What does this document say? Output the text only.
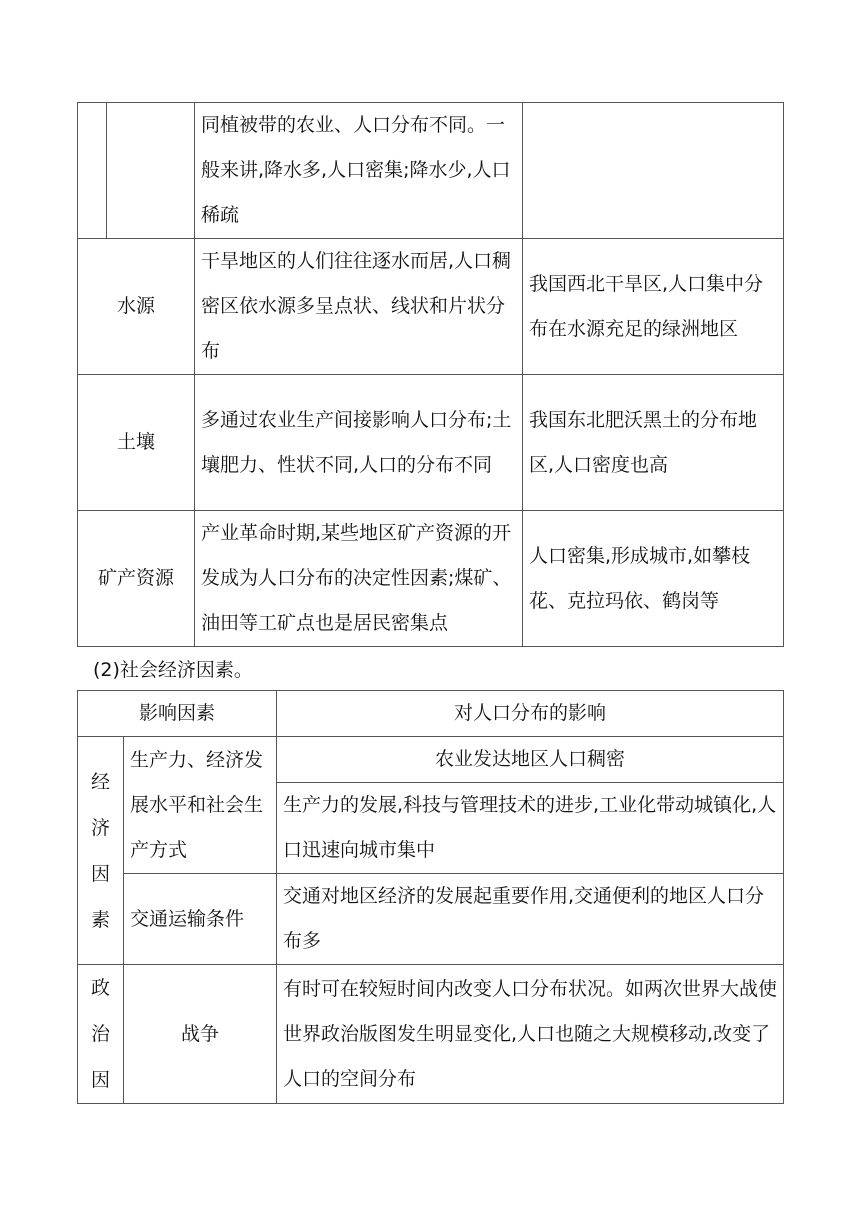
		同植被带的农业、人口分布不同。一般来讲,降水多,人口密集;降水少,人口稀疏	

水源		干旱地区的人们往往逐水而居,人口稠密区依水源多呈点状、线状和片状分布	我国西北干旱区,人口集中分布在水源充足的绿洲地区

土壤		多通过农业生产间接影响人口分布;土壤肥力、性状不同,人口的分布不同	我国东北肥沃黑土的分布地区,人口密度也高

矿产资源		产业革命时期,某些地区矿产资源的开发成为人口分布的决定性因素;煤矿、油田等工矿点也是居民密集点	人口密集,形成城市,如攀枝花、克拉玛依、鹤岗等
(2)社会经济因素。
影响因素		对人口分布的影响

经
济
因
素	生产力、经济发展水平和社会生产方式	农业发达地区人口稠密

		生产力的发展,科技与管理技术的进步,工业化带动城镇化,人口迅速向城市集中

	交通运输条件	交通对地区经济的发展起重要作用,交通便利的地区人口分布多

政
治
因	战争	有时可在较短时间内改变人口分布状况。如两次世界大战使世界政治版图发生明显变化,人口也随之大规模移动,改变了人口的空间分布
